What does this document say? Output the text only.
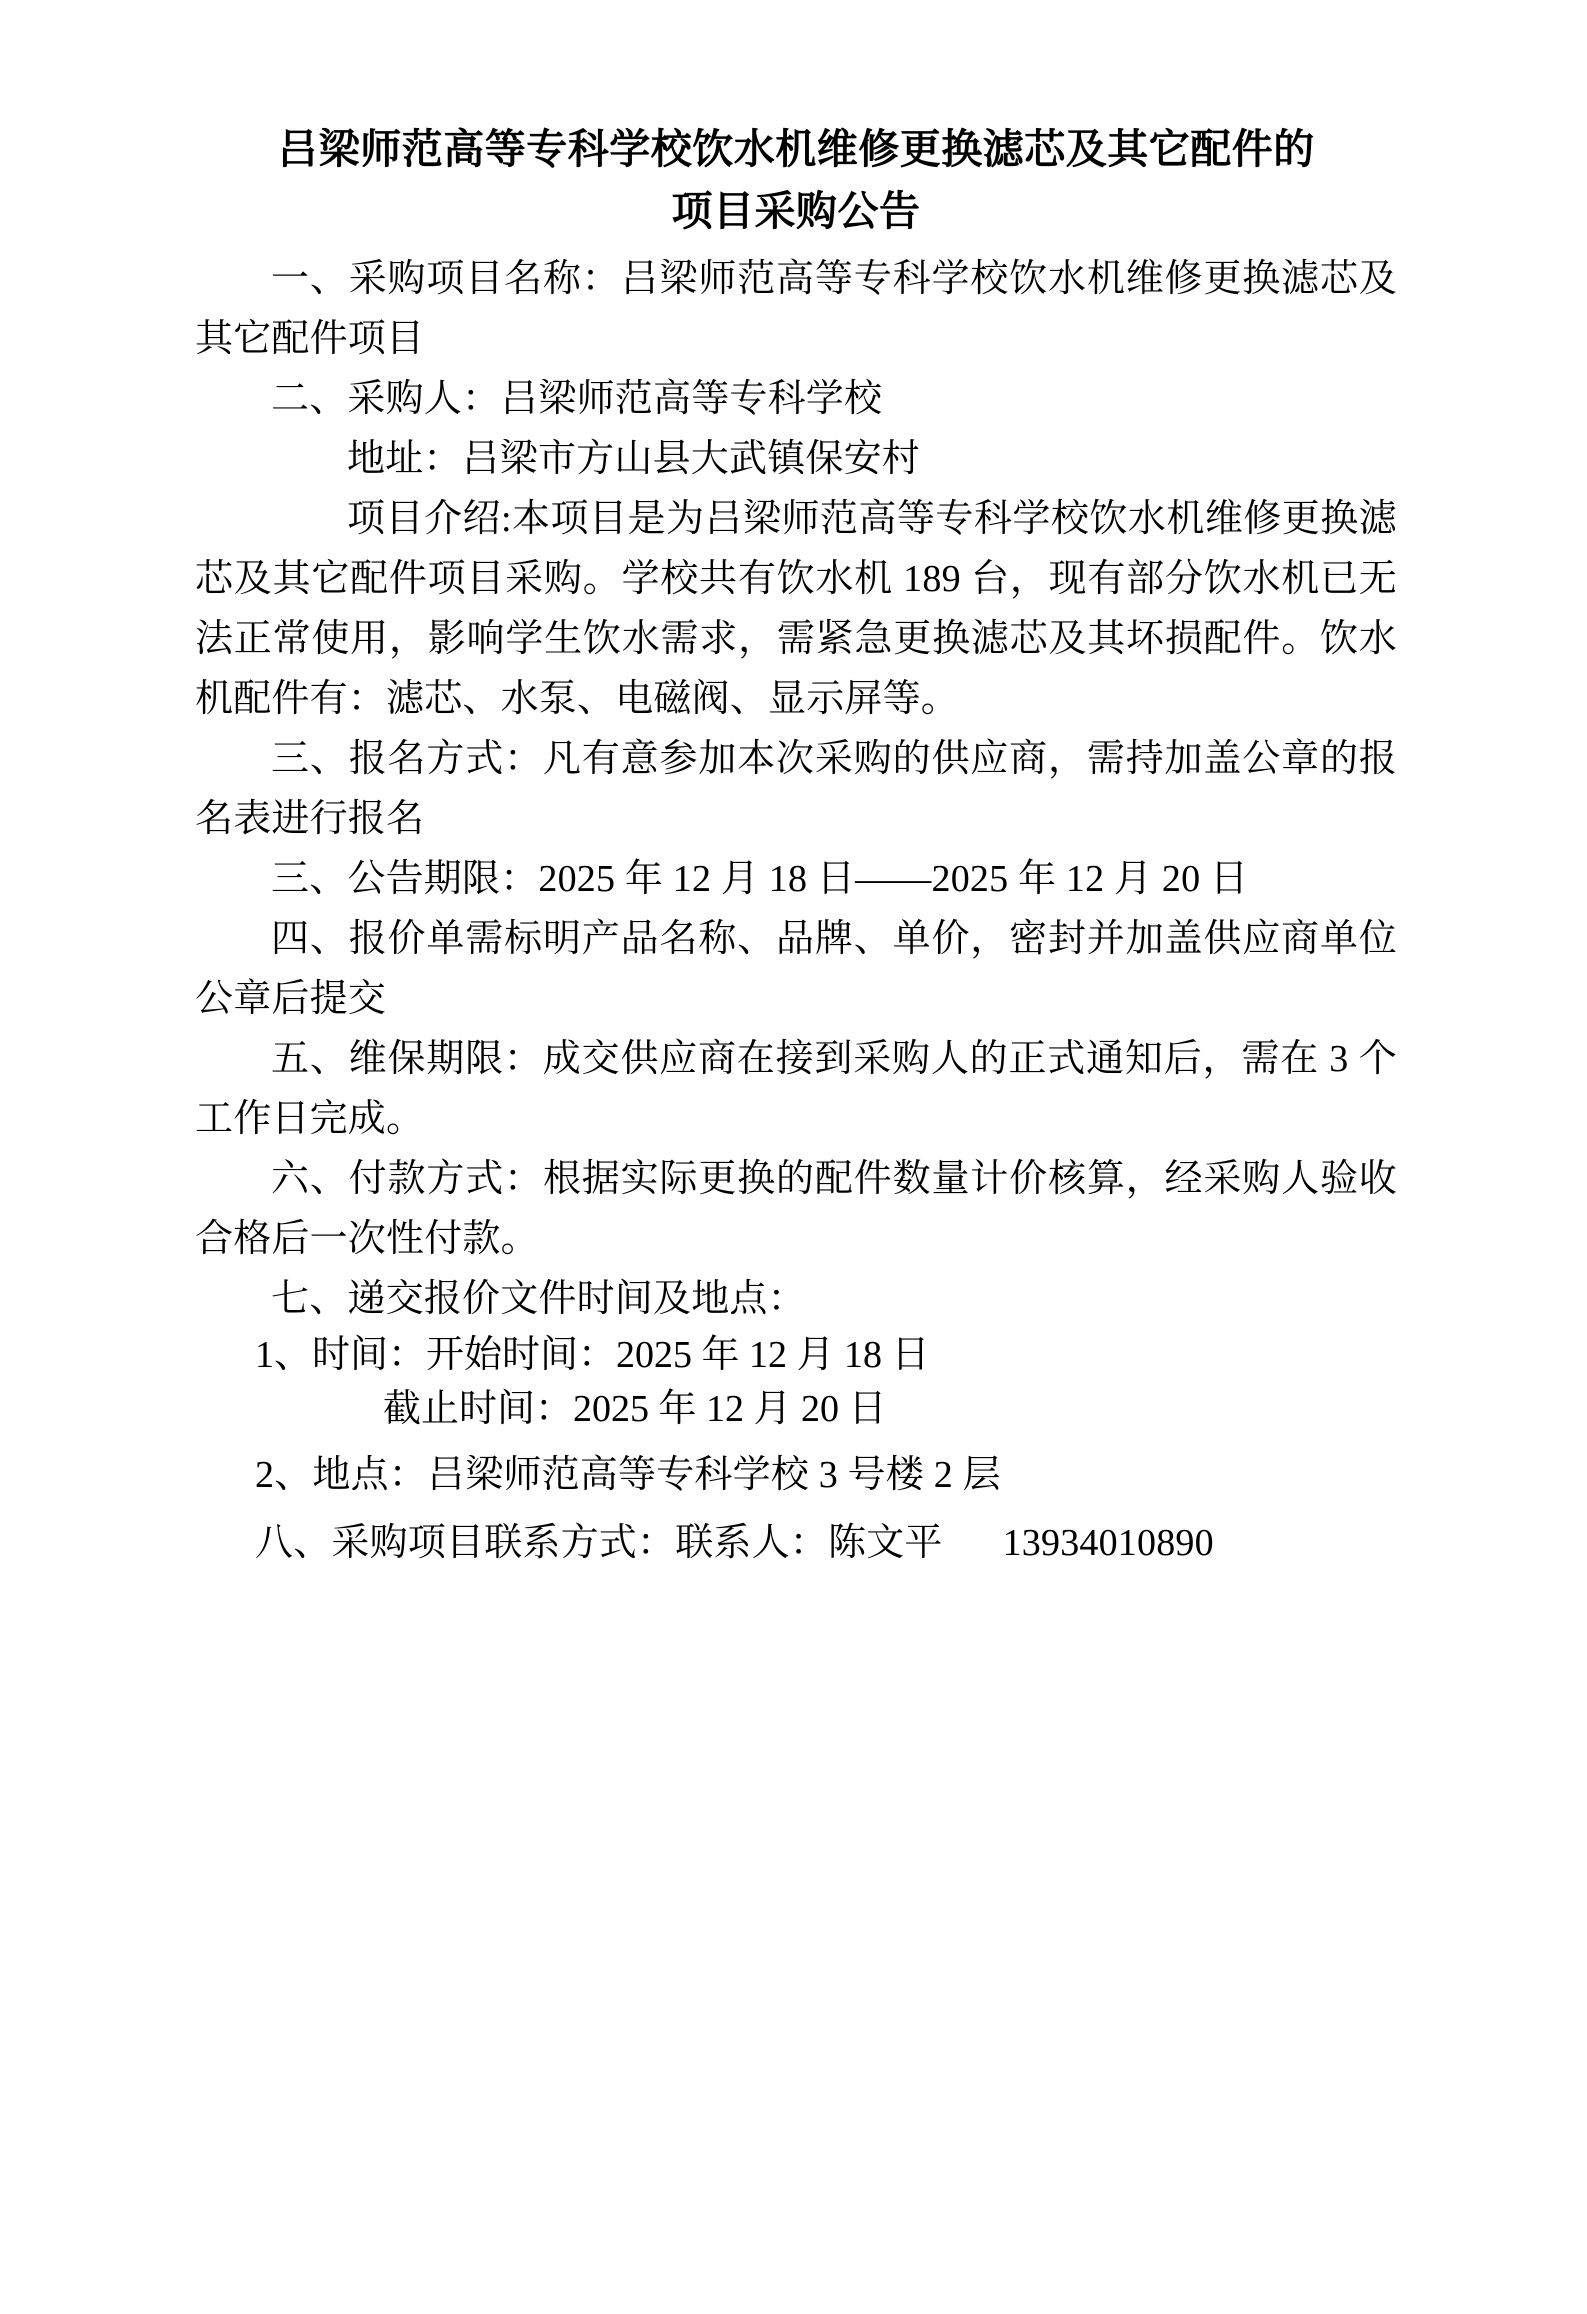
吕梁师范高等专科学校饮水机维修更换滤芯及其它配件的
项目采购公告

一、采购项目名称：吕梁师范高等专科学校饮水机维修更换滤芯及其它配件项目

二、采购人：吕梁师范高等专科学校

地址：吕梁市方山县大武镇保安村

项目介绍:本项目是为吕梁师范高等专科学校饮水机维修更换滤芯及其它配件项目采购。学校共有饮水机 189 台，现有部分饮水机已无法正常使用，影响学生饮水需求，需紧急更换滤芯及其坏损配件。饮水机配件有：滤芯、水泵、电磁阀、显示屏等。

三、报名方式：凡有意参加本次采购的供应商，需持加盖公章的报名表进行报名

三、公告期限：2025 年 12 月 18 日——2025 年 12 月 20 日

四、报价单需标明产品名称、品牌、单价，密封并加盖供应商单位公章后提交

五、维保期限：成交供应商在接到采购人的正式通知后，需在 3 个工作日完成。

六、付款方式：根据实际更换的配件数量计价核算，经采购人验收合格后一次性付款。

七、递交报价文件时间及地点：

1、时间：开始时间：2025 年 12 月 18 日

截止时间：2025 年 12 月 20 日

2、地点：吕梁师范高等专科学校 3 号楼 2 层

八、采购项目联系方式：联系人：陈文平 13934010890
